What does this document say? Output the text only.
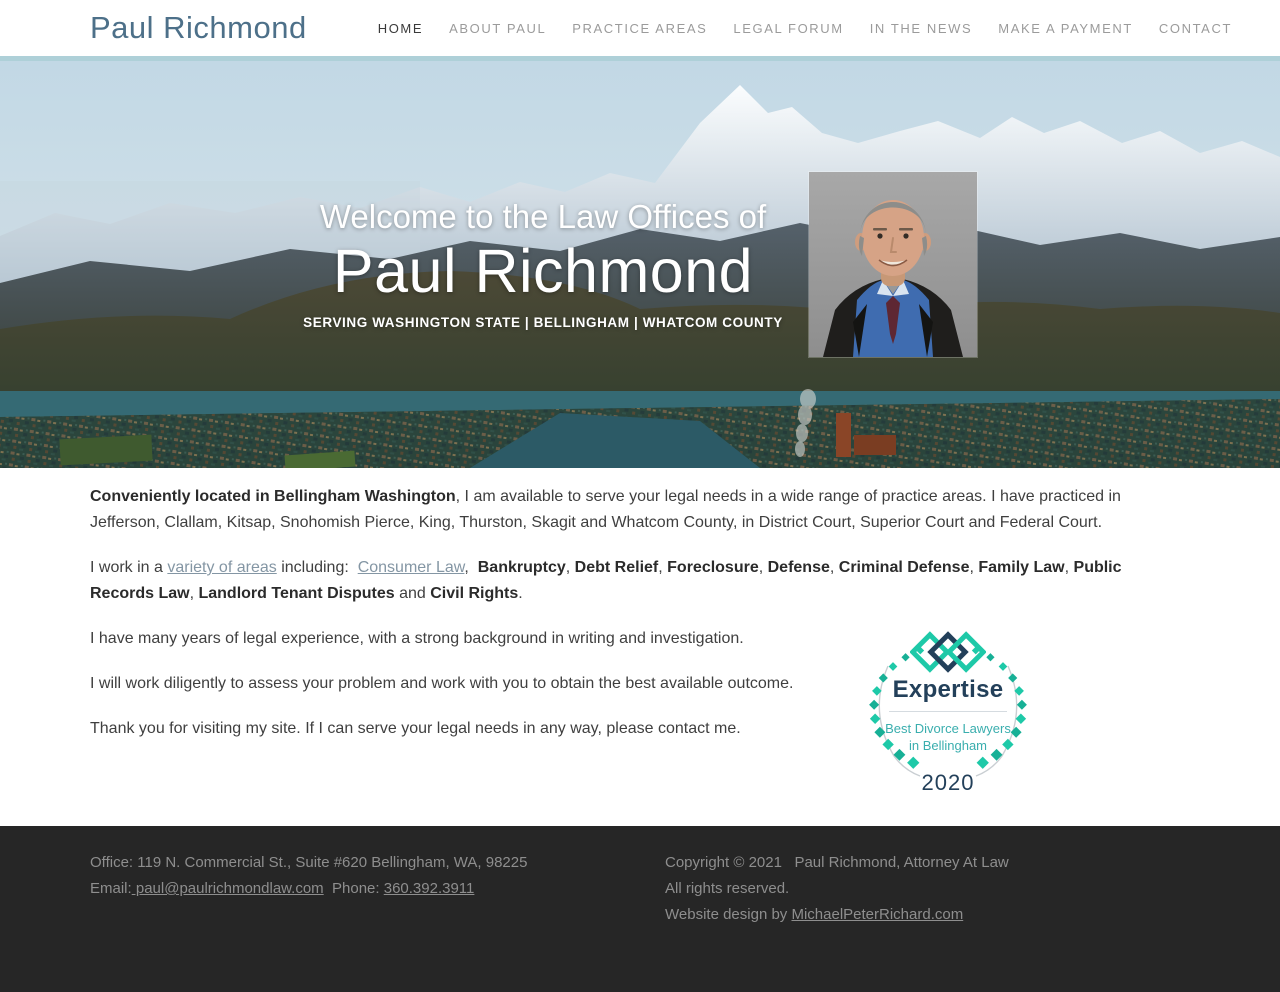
Paul Richmond	HOME ABOUT PAUL PRACTICE AREAS LEGAL FORUM IN THE NEWS MAKE A PAYMENT CONTACT
Welcome to the Law Offices of
Paul Richmond
SERVING WASHINGTON STATE | BELLINGHAM | WHATCOM COUNTY

Conveniently located in Bellingham Washington, I am available to serve your legal needs in a wide range of practice areas. I have practiced in Jefferson, Clallam, Kitsap, Snohomish Pierce, King, Thurston, Skagit and Whatcom County, in District Court, Superior Court and Federal Court.

I work in a variety of areas including:  Consumer Law,  Bankruptcy, Debt Relief, Foreclosure, Defense, Criminal Defense, Family Law, Public Records Law, Landlord Tenant Disputes and Civil Rights.

Expertise
Best Divorce Lawyers
in Bellingham
2020

I have many years of legal experience, with a strong background in writing and investigation.

I will work diligently to assess your problem and work with you to obtain the best available outcome.

Thank you for visiting my site. If I can serve your legal needs in any way, please contact me.

Office: 119 N. Commercial St., Suite #620 Bellingham, WA, 98225
Email: paul@paulrichmondlaw.com  Phone: 360.392.3911
Copyright © 2021   Paul Richmond, Attorney At Law
All rights reserved.
Website design by MichaelPeterRichard.com
